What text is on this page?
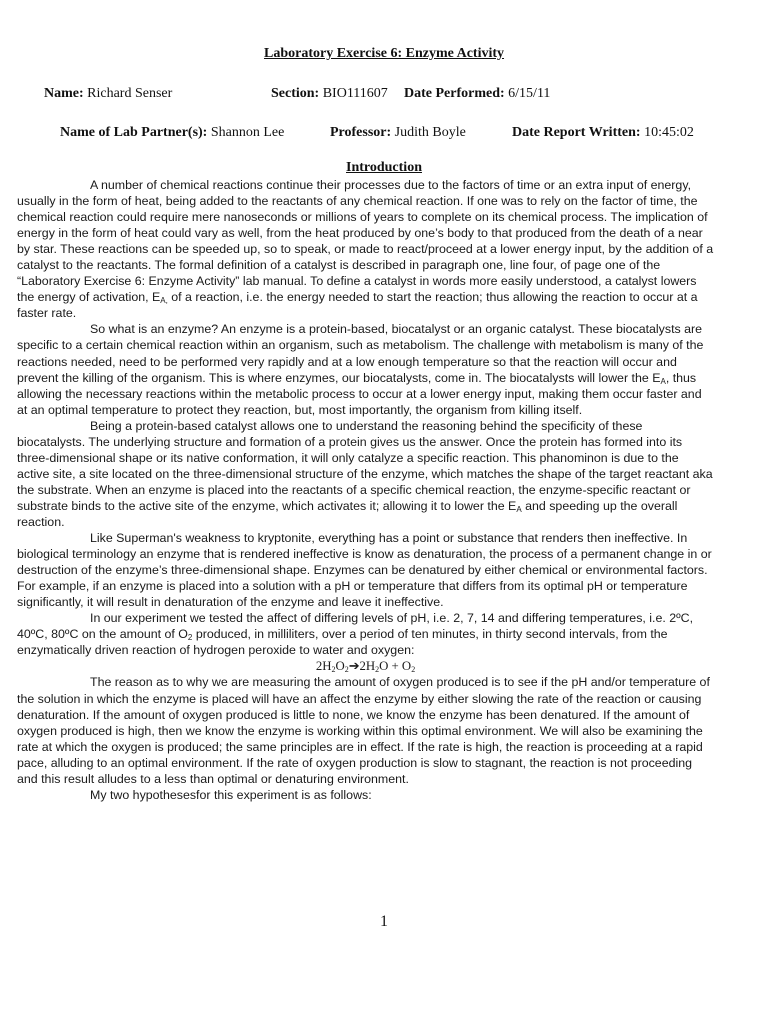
Laboratory Exercise 6: Enzyme Activity
Name: Richard Senser	Section: BIO111607 Date Performed: 6/15/11
Name of Lab Partner(s): Shannon Lee	Professor: Judith Boyle	Date Report Written: 10:45:02
Introduction

A number of chemical reactions continue their processes due to the factors of time or an extra input of energy, usually in the form of heat, being added to the reactants of any chemical reaction. If one was to rely on the factor of time, the chemical reaction could require mere nanoseconds or millions of years to complete on its chemical process. The implication of energy in the form of heat could vary as well, from the heat produced by one’s body to that produced from the death of a near by star. These reactions can be speeded up, so to speak, or made to react/proceed at a lower energy input, by the addition of a catalyst to the reactants. The formal definition of a catalyst is described in paragraph one, line four, of page one of the “Laboratory Exercise 6: Enzyme Activity” lab manual. To define a catalyst in words more easily understood, a catalyst lowers the energy of activation, $E_{A,}$ of a reaction, i.e. the energy needed to start the reaction; thus allowing the reaction to occur at a faster rate.

So what is an enzyme? An enzyme is a protein-based, biocatalyst or an organic catalyst. These biocatalysts are specific to a certain chemical reaction within an organism, such as metabolism. The challenge with metabolism is many of the reactions needed, need to be performed very rapidly and at a low enough temperature so that the reaction will occur and prevent the killing of the organism. This is where enzymes, our biocatalysts, come in. The biocatalysts will lower the $E_A$, thus allowing the necessary reactions within the metabolic process to occur at a lower energy input, making them occur faster and at an optimal temperature to protect they reaction, but, most importantly, the organism from killing itself.

Being a protein-based catalyst allows one to understand the reasoning behind the specificity of these biocatalysts. The underlying structure and formation of a protein gives us the answer. Once the protein has formed into its three-dimensional shape or its native conformation, it will only catalyze a specific reaction. This phanominon is due to the active site, a site located on the three-dimensional structure of the enzyme, which matches the shape of the target reactant aka the substrate. When an enzyme is placed into the reactants of a specific chemical reaction, the enzyme-specific reactant or substrate binds to the active site of the enzyme, which activates it; allowing it to lower the $E_A$ and speeding up the overall reaction.

Like Superman's weakness to kryptonite, everything has a point or substance that renders then ineffective. In biological terminology an enzyme that is rendered ineffective is know as denaturation, the process of a permanent change in or destruction of the enzyme’s three-dimensional shape. Enzymes can be denatured by either chemical or environmental factors. For example, if an enzyme is placed into a solution with a pH or temperature that differs from its optimal pH or temperature significantly, it will result in denaturation of the enzyme and leave it ineffective.

In our experiment we tested the affect of differing levels of pH, i.e. 2, 7, 14 and differing temperatures, i.e. 2ºC, 40ºC, 80ºC on the amount of $O_2$ produced, in milliliters, over a period of ten minutes, in thirty second intervals, from the enzymatically driven reaction of hydrogen peroxide to water and oxygen:

$2H_2O_2➔2H_2O + O_2$

The reason as to why we are measuring the amount of oxygen produced is to see if the pH and/or temperature of the solution in which the enzyme is placed will have an affect the enzyme by either slowing the rate of the reaction or causing denaturation. If the amount of oxygen produced is little to none, we know the enzyme has been denatured. If the amount of oxygen produced is high, then we know the enzyme is working within this optimal environment. We will also be examining the rate at which the oxygen is produced; the same principles are in effect. If the rate is high, the reaction is proceeding at a rapid pace, alluding to an optimal environment. If the rate of oxygen production is slow to stagnant, the reaction is not proceeding and this result alludes to a less than optimal or denaturing environment.

My two hypothesesfor this experiment is as follows:

1
